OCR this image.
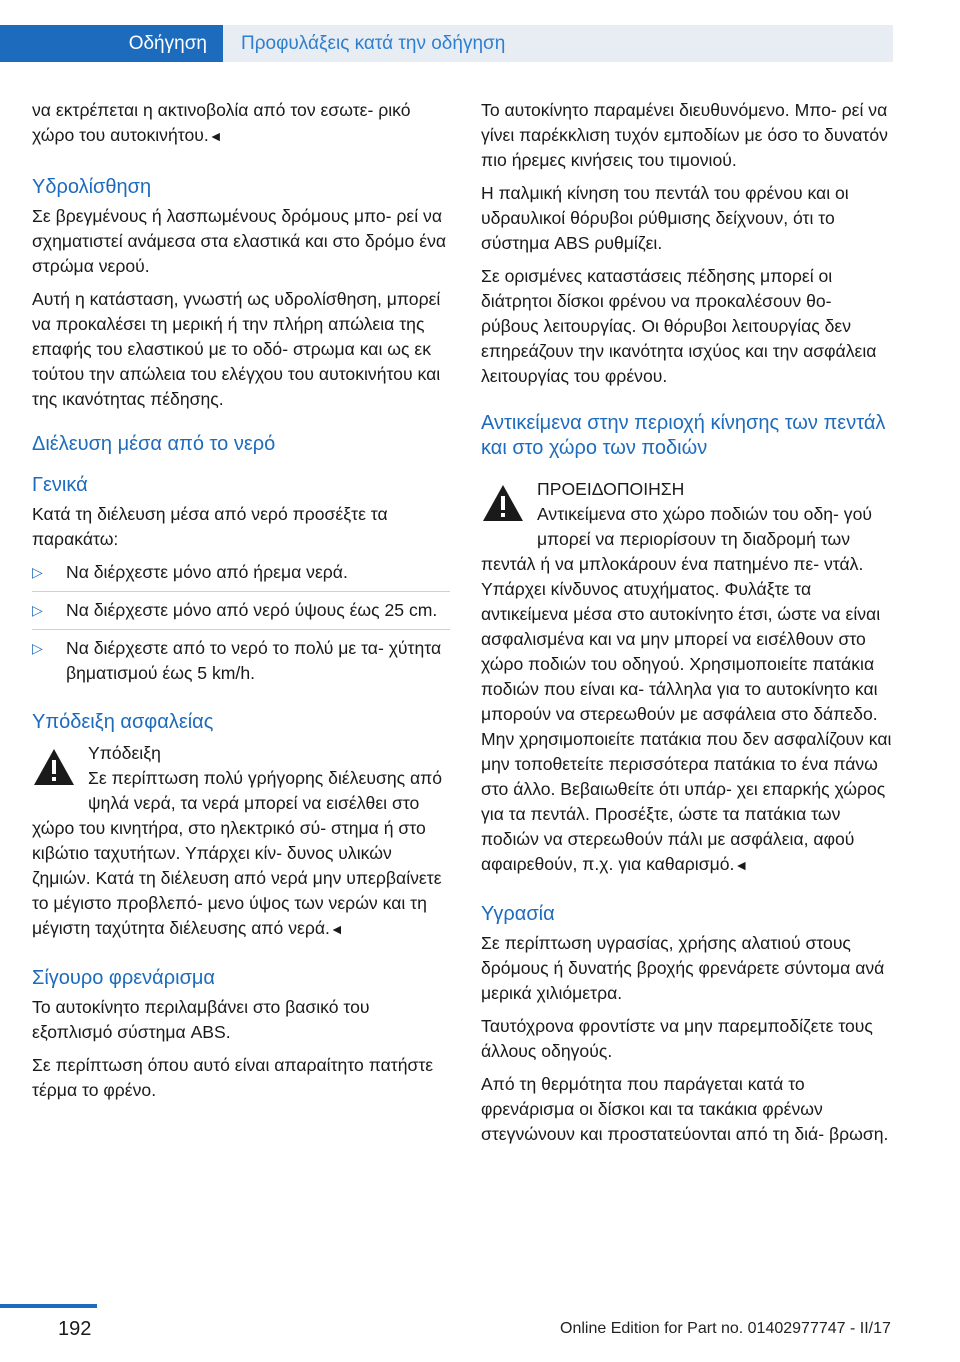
Οδήγηση	Προφυλάξεις κατά την οδήγηση

να εκτρέπεται η ακτινοβολία από τον εσωτε‐ ρικό χώρο του αυτοκινήτου.◄

Υδρολίσθηση

Σε βρεγμένους ή λασπωμένους δρόμους μπο‐ ρεί να σχηματιστεί ανάμεσα στα ελαστικά και στο δρόμο ένα στρώμα νερού.

Αυτή η κατάσταση, γνωστή ως υδρολίσθηση, μπορεί να προκαλέσει τη μερική ή την πλήρη απώλεια της επαφής του ελαστικού με το οδό‐ στρωμα και ως εκ τούτου την απώλεια του ελέγχου του αυτοκινήτου και της ικανότητας πέδησης.

Διέλευση μέσα από το νερό
Γενικά

Κατά τη διέλευση μέσα από νερό προσέξτε τα παρακάτω:

▷ Να διέρχεστε μόνο από ήρεμα νερά.
▷ Να διέρχεστε μόνο από νερό ύψους έως 25 cm.
▷ Να διέρχεστε από το νερό το πολύ με τα‐ χύτητα βηματισμού έως 5 km/h.
Υπόδειξη ασφαλείας
Υπόδειξη
Σε περίπτωση πολύ γρήγορης διέλευσης από ψηλά νερά, τα νερά μπορεί να εισέλθει στο χώρο του κινητήρα, στο ηλεκτρικό σύ‐ στημα ή στο κιβώτιο ταχυτήτων. Υπάρχει κίν‐ δυνος υλικών ζημιών. Κατά τη διέλευση από νερά μην υπερβαίνετε το μέγιστο προβλεπό‐ μενο ύψος των νερών και τη μέγιστη ταχύτητα διέλευσης από νερά.◄
Σίγουρο φρενάρισμα

Το αυτοκίνητο περιλαμβάνει στο βασικό του εξοπλισμό σύστημα ABS.

Σε περίπτωση όπου αυτό είναι απαραίτητο πατήστε τέρμα το φρένο.

Το αυτοκίνητο παραμένει διευθυνόμενο. Μπο‐ ρεί να γίνει παρέκκλιση τυχόν εμποδίων με όσο το δυνατόν πιο ήρεμες κινήσεις του τιμονιού.

Η παλμική κίνηση του πεντάλ του φρένου και οι υδραυλικοί θόρυβοι ρύθμισης δείχνουν, ότι το σύστημα ABS ρυθμίζει.

Σε ορισμένες καταστάσεις πέδησης μπορεί οι διάτρητοι δίσκοι φρένου να προκαλέσουν θο‐ ρύβους λειτουργίας. Οι θόρυβοι λειτουργίας δεν επηρεάζουν την ικανότητα ισχύος και την ασφάλεια λειτουργίας του φρένου.

Αντικείμενα στην περιοχή κίνησης των πεντάλ και στο χώρο των ποδιών
ΠΡΟΕΙΔΟΠΟΙΗΣΗ
Αντικείμενα στο χώρο ποδιών του οδη‐ γού μπορεί να περιορίσουν τη διαδρομή των πεντάλ ή να μπλοκάρουν ένα πατημένο πε‐ ντάλ. Υπάρχει κίνδυνος ατυχήματος. Φυλάξτε τα αντικείμενα μέσα στο αυτοκίνητο έτσι, ώστε να είναι ασφαλισμένα και να μην μπορεί να εισέλθουν στο χώρο ποδιών του οδηγού. Χρησιμοποιείτε πατάκια ποδιών που είναι κα‐ τάλληλα για το αυτοκίνητο και μπορούν να στερεωθούν με ασφάλεια στο δάπεδο. Μην χρησιμοποιείτε πατάκια που δεν ασφαλίζουν και μην τοποθετείτε περισσότερα πατάκια το ένα πάνω στο άλλο. Βεβαιωθείτε ότι υπάρ‐ χει επαρκής χώρος για τα πεντάλ. Προσέξτε, ώστε τα πατάκια των ποδιών να στερεωθούν πάλι με ασφάλεια, αφού αφαιρεθούν, π.χ. για καθαρισμό.◄
Υγρασία

Σε περίπτωση υγρασίας, χρήσης αλατιού στους δρόμους ή δυνατής βροχής φρενάρετε σύντομα ανά μερικά χιλιόμετρα.

Ταυτόχρονα φροντίστε να μην παρεμποδίζετε τους άλλους οδηγούς.

Από τη θερμότητα που παράγεται κατά το φρενάρισμα οι δίσκοι και τα τακάκια φρένων στεγνώνουν και προστατεύονται από τη διά‐ βρωση.

192	Online Edition for Part no. 01402977747 - II/17
